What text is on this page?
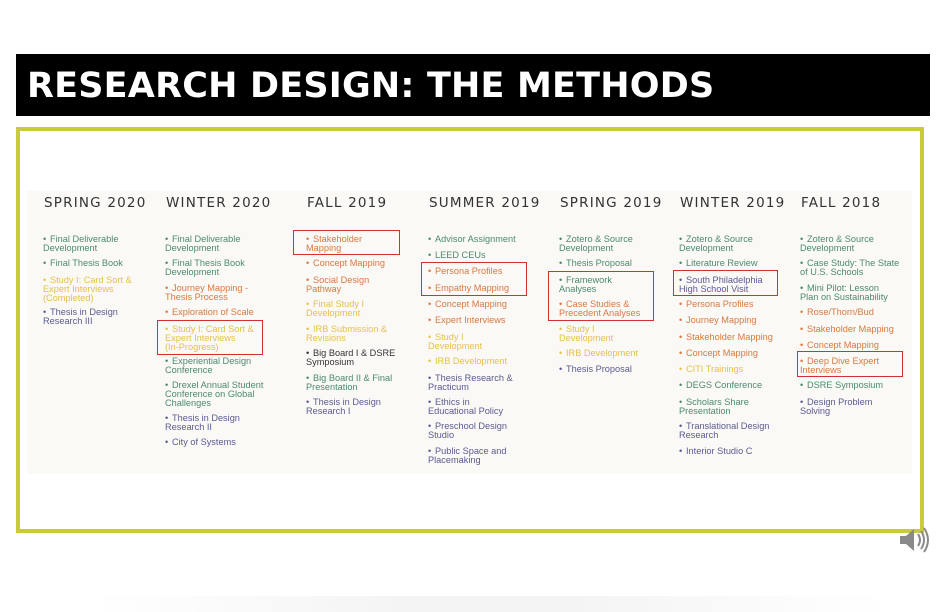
RESEARCH DESIGN: THE METHODS
SPRING 2020
• Final Deliverable
Development
• Final Thesis Book
• Study I: Card Sort &
Expert Interviews
(Completed)
• Thesis in Design
Research III
WINTER 2020
• Final Deliverable
Development
• Final Thesis Book
Development
• Journey Mapping -
Thesis Process
• Exploration of Scale
• Study I: Card Sort &
Expert Interviews
(In-Progress)
• Experiential Design
Conference
• Drexel Annual Student
Conference on Global
Challenges
• Thesis in Design
Research II
• City of Systems
FALL 2019
• Stakeholder
Mapping
• Concept Mapping
• Social Design
Pathway
• Final Study I
Development
• IRB Submission &
Revisions
• Big Board I & DSRE
Symposium
• Big Board II & Final
Presentation
• Thesis in Design
Research I
SUMMER 2019
• Advisor Assignment
• LEED CEUs
• Persona Profiles
• Empathy Mapping
• Concept Mapping
• Expert Interviews
• Study I
Development
• IRB Development
• Thesis Research &
Practicum
• Ethics in
Educational Policy
• Preschool Design
Studio
• Public Space and
Placemaking
SPRING 2019
• Zotero & Source
Development
• Thesis Proposal
• Framework
Analyses
• Case Studies &
Precedent Analyses
• Study I
Development
• IRB Development
• Thesis Proposal
WINTER 2019
• Zotero & Source
Development
• Literature Review
• South Philadelphia
High School Visit
• Persona Profiles
• Journey Mapping
• Stakeholder Mapping
• Concept Mapping
• CITI Trainings
• DEGS Conference
• Scholars Share
Presentation
• Translational Design
Research
• Interior Studio C
FALL 2018
• Zotero & Source
Development
• Case Study: The State
of U.S. Schools
• Mini Pilot: Lesson
Plan on Sustainability
• Rose/Thorn/Bud
• Stakeholder Mapping
• Concept Mapping
• Deep Dive Expert
Interviews
• DSRE Symposium
• Design Problem
Solving
